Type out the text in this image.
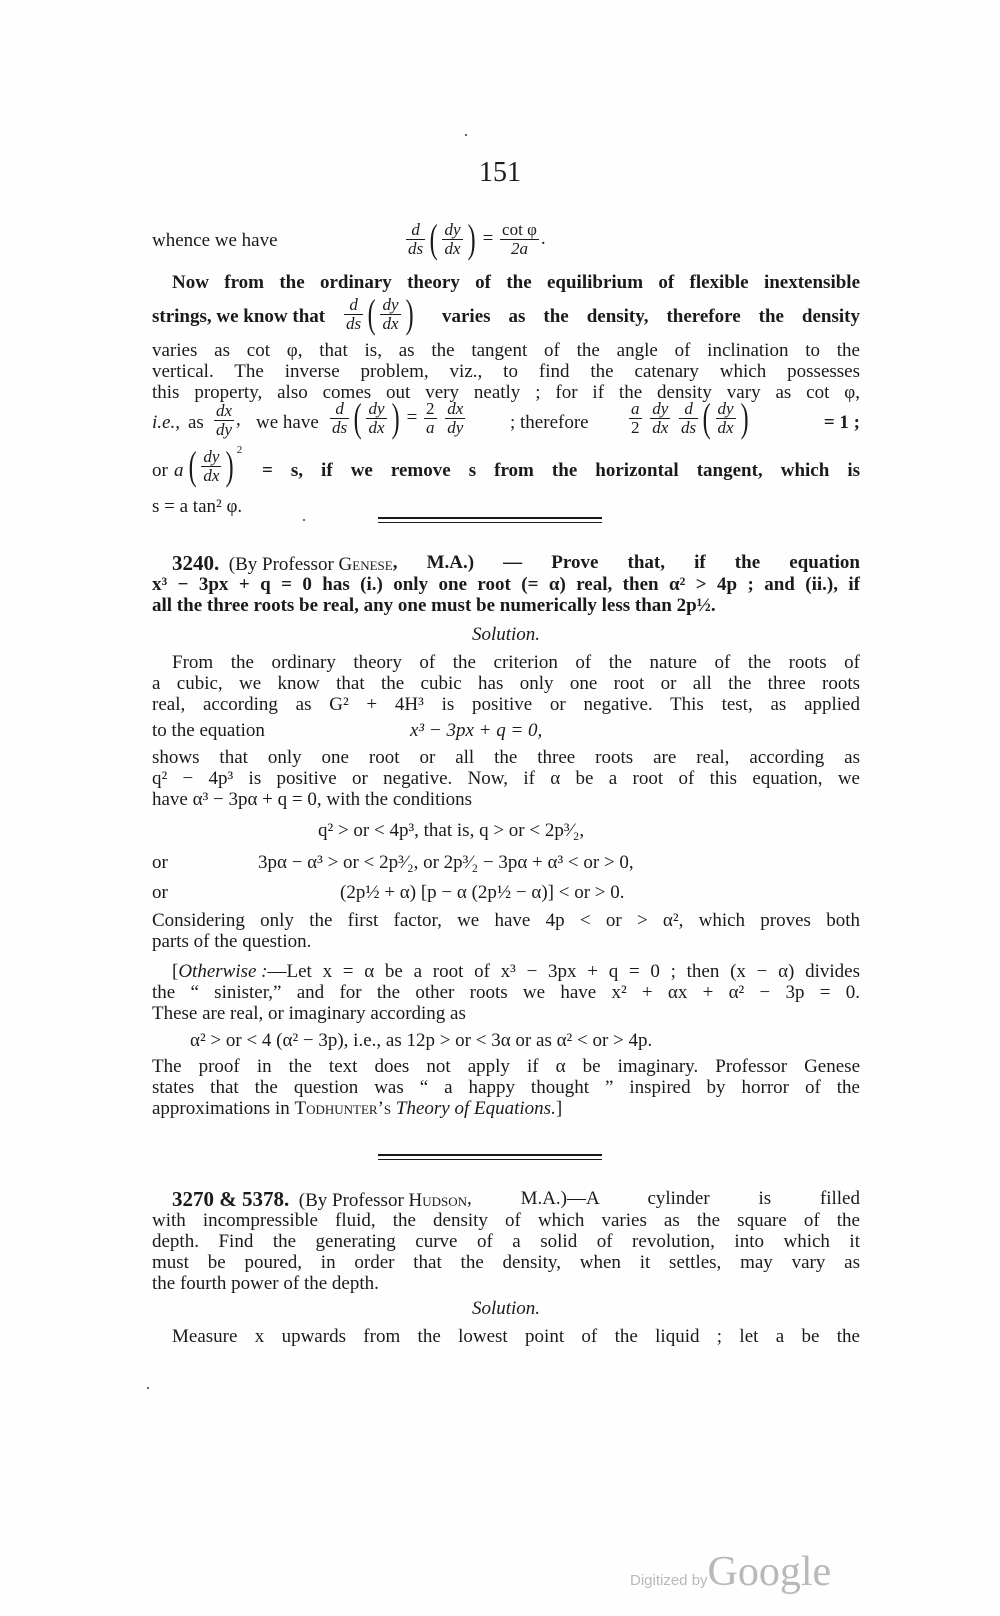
151
whence we have	$\frac{d}{ds}$ ( $\frac{dy}{dx}$ ) = $\frac{\text{cot φ}}{2a}$ .
Now from the ordinary theory of the equilibrium of flexible inextensible
strings, we know that $\frac{d}{ds}$ ( $\frac{dy}{dx}$ ) varies as the density, therefore the density
varies as cot φ, that is, as the tangent of the angle of inclination to the
vertical. The inverse problem, viz., to find the catenary which possesses
this property, also comes out very neatly ; for if the density vary as cot φ,
i.e., as $\frac{dx}{dy}$ , we have $\frac{d}{ds}$ ( $\frac{dy}{dx}$ ) = $\frac{2}{a}$
$\frac{dx}{dy}$ ; therefore $\frac{a}{2}$
$\frac{dy}{dx}$
$\frac{d}{ds}$ ( $\frac{dy}{dx}$ )	= 1 ;
or a ( $\frac{dy}{dx}$ ) $^2$
= s, if we remove s from the horizontal tangent, which is
s = a tan² φ.
3240. (By Professor Genese , M.A.) — Prove that, if the equation
x³ − 3px + q = 0 has (i.) only one root (= α) real, then α² > 4p ; and (ii.), if
all the three roots be real, any one must be numerically less than 2p½.
Solution.
From the ordinary theory of the criterion of the nature of the roots of
a cubic, we know that the cubic has only one root or all the three roots
real, according as G² + 4H³ is positive or negative. This test, as applied
to the equation	x³ − 3px + q = 0,
shows that only one root or all the three roots are real, according as
q² − 4p³ is positive or negative. Now, if α be a root of this equation, we
have α³ − 3pα + q = 0, with the conditions
q² > or < 4p³, that is, q > or < 2p³⁄₂,
or	3pα − α³ > or < 2p³⁄₂, or 2p³⁄₂ − 3pα + α³ < or > 0,
or	(2p½ + α) [p − α (2p½ − α)] < or > 0.
Considering only the first factor, we have 4p < or > α², which proves both
parts of the question.
[ Otherwise : —Let x = α be a root of x³ − 3px + q = 0 ; then (x − α) divides
the “ sinister,” and for the other roots we have x² + αx + α² − 3p = 0.
These are real, or imaginary according as
α² > or < 4 (α² − 3p), i.e., as 12p > or < 3α or as α² < or > 4p.
The proof in the text does not apply if α be imaginary. Professor Genese
states that the question was “ a happy thought ” inspired by horror of the
approximations in Todhunter’s Theory of Equations.]
3270 & 5378. (By Professor Hudson , M.A.)—A cylinder is filled
with incompressible fluid, the density of which varies as the square of the
depth. Find the generating curve of a solid of revolution, into which it
must be poured, in order that the density, when it settles, may vary as
the fourth power of the depth.
Solution.
Measure x upwards from the lowest point of the liquid ; let a be the
Digitized byGoogle
